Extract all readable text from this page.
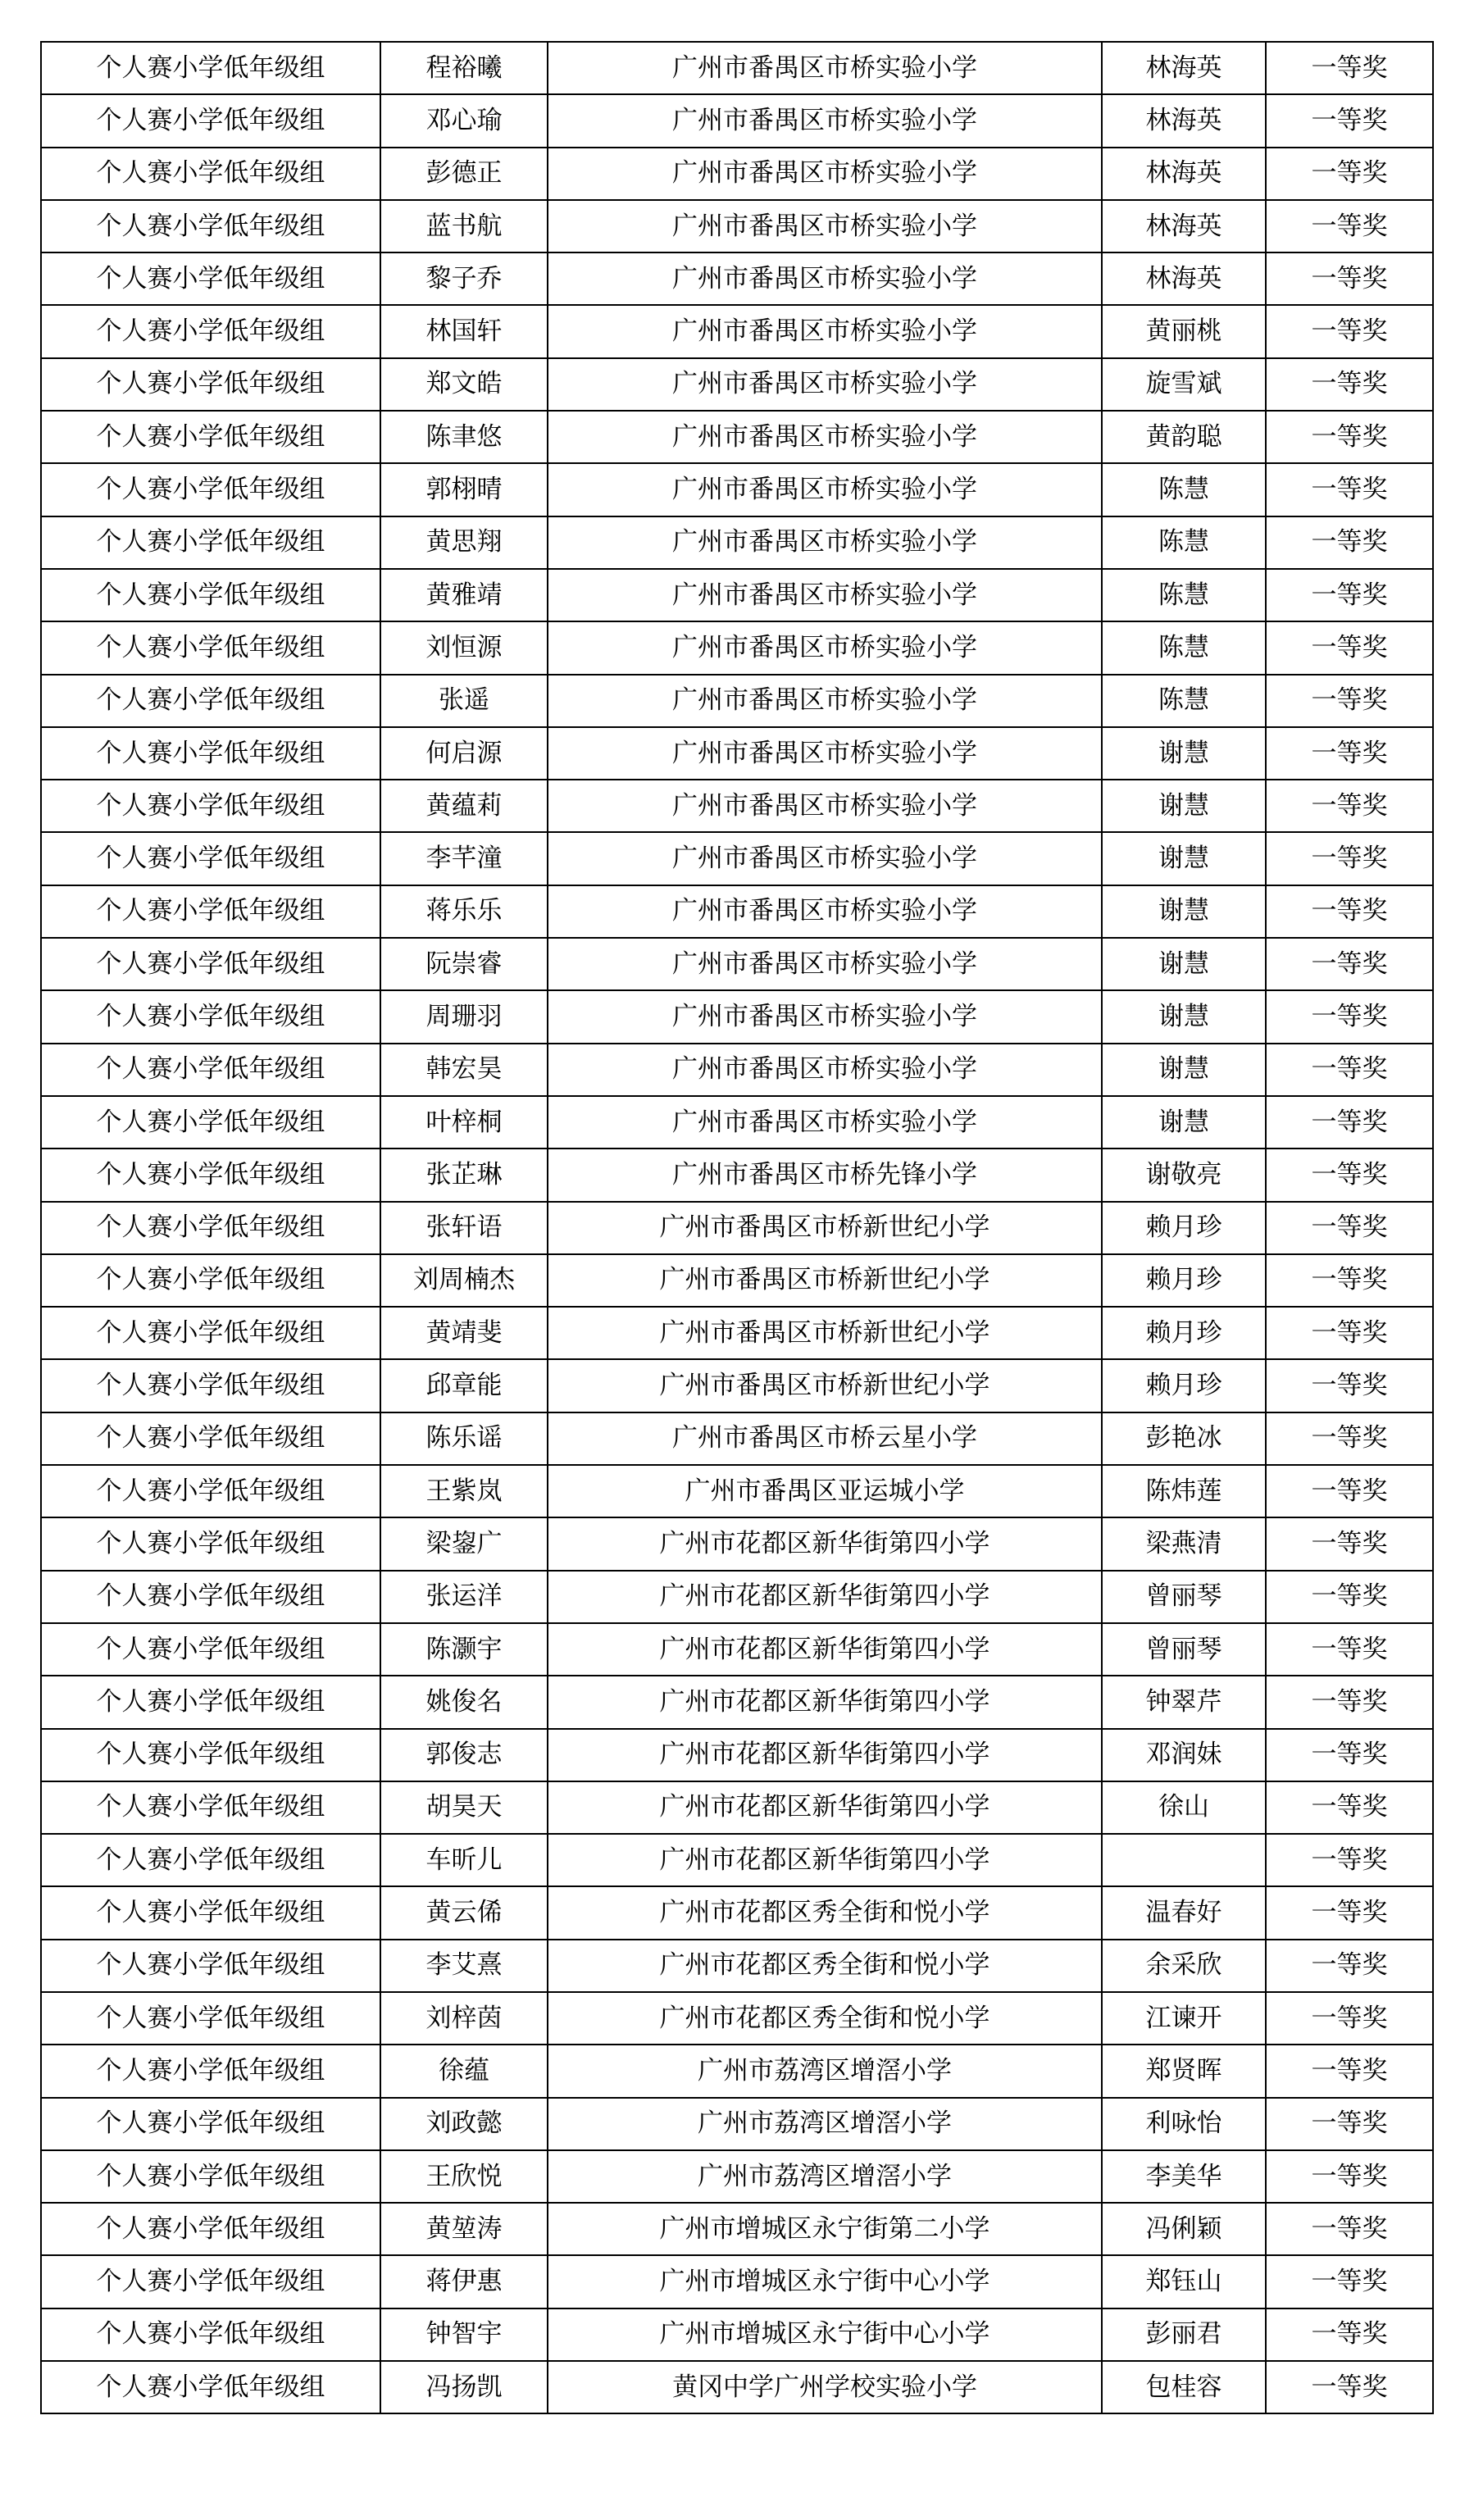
个人赛小学低年级组	程裕曦	广州市番禺区市桥实验小学	林海英	一等奖
个人赛小学低年级组	邓心瑜	广州市番禺区市桥实验小学	林海英	一等奖
个人赛小学低年级组	彭德正	广州市番禺区市桥实验小学	林海英	一等奖
个人赛小学低年级组	蓝书航	广州市番禺区市桥实验小学	林海英	一等奖
个人赛小学低年级组	黎子乔	广州市番禺区市桥实验小学	林海英	一等奖
个人赛小学低年级组	林国轩	广州市番禺区市桥实验小学	黄丽桃	一等奖
个人赛小学低年级组	郑文皓	广州市番禺区市桥实验小学	旋雪斌	一等奖
个人赛小学低年级组	陈聿悠	广州市番禺区市桥实验小学	黄韵聪	一等奖
个人赛小学低年级组	郭栩晴	广州市番禺区市桥实验小学	陈慧	一等奖
个人赛小学低年级组	黄思翔	广州市番禺区市桥实验小学	陈慧	一等奖
个人赛小学低年级组	黄雅靖	广州市番禺区市桥实验小学	陈慧	一等奖
个人赛小学低年级组	刘恒源	广州市番禺区市桥实验小学	陈慧	一等奖
个人赛小学低年级组	张遥	广州市番禺区市桥实验小学	陈慧	一等奖
个人赛小学低年级组	何启源	广州市番禺区市桥实验小学	谢慧	一等奖
个人赛小学低年级组	黄蕴莉	广州市番禺区市桥实验小学	谢慧	一等奖
个人赛小学低年级组	李芊潼	广州市番禺区市桥实验小学	谢慧	一等奖
个人赛小学低年级组	蒋乐乐	广州市番禺区市桥实验小学	谢慧	一等奖
个人赛小学低年级组	阮崇睿	广州市番禺区市桥实验小学	谢慧	一等奖
个人赛小学低年级组	周珊羽	广州市番禺区市桥实验小学	谢慧	一等奖
个人赛小学低年级组	韩宏昊	广州市番禺区市桥实验小学	谢慧	一等奖
个人赛小学低年级组	叶梓桐	广州市番禺区市桥实验小学	谢慧	一等奖
个人赛小学低年级组	张芷琳	广州市番禺区市桥先锋小学	谢敬亮	一等奖
个人赛小学低年级组	张轩语	广州市番禺区市桥新世纪小学	赖月珍	一等奖
个人赛小学低年级组	刘周楠杰	广州市番禺区市桥新世纪小学	赖月珍	一等奖
个人赛小学低年级组	黄靖斐	广州市番禺区市桥新世纪小学	赖月珍	一等奖
个人赛小学低年级组	邱章能	广州市番禺区市桥新世纪小学	赖月珍	一等奖
个人赛小学低年级组	陈乐谣	广州市番禺区市桥云星小学	彭艳冰	一等奖
个人赛小学低年级组	王紫岚	广州市番禺区亚运城小学	陈炜莲	一等奖
个人赛小学低年级组	梁鋆广	广州市花都区新华街第四小学	梁燕清	一等奖
个人赛小学低年级组	张运洋	广州市花都区新华街第四小学	曾丽琴	一等奖
个人赛小学低年级组	陈灏宇	广州市花都区新华街第四小学	曾丽琴	一等奖
个人赛小学低年级组	姚俊名	广州市花都区新华街第四小学	钟翠芹	一等奖
个人赛小学低年级组	郭俊志	广州市花都区新华街第四小学	邓润妹	一等奖
个人赛小学低年级组	胡昊天	广州市花都区新华街第四小学	徐山	一等奖
个人赛小学低年级组	车昕儿	广州市花都区新华街第四小学		一等奖
个人赛小学低年级组	黄云俙	广州市花都区秀全街和悦小学	温春好	一等奖
个人赛小学低年级组	李艾熹	广州市花都区秀全街和悦小学	余采欣	一等奖
个人赛小学低年级组	刘梓茵	广州市花都区秀全街和悦小学	江谏开	一等奖
个人赛小学低年级组	徐蕴	广州市荔湾区增滘小学	郑贤晖	一等奖
个人赛小学低年级组	刘政懿	广州市荔湾区增滘小学	利咏怡	一等奖
个人赛小学低年级组	王欣悦	广州市荔湾区增滘小学	李美华	一等奖
个人赛小学低年级组	黄堃涛	广州市增城区永宁街第二小学	冯俐颖	一等奖
个人赛小学低年级组	蒋伊惠	广州市增城区永宁街中心小学	郑钰山	一等奖
个人赛小学低年级组	钟智宇	广州市增城区永宁街中心小学	彭丽君	一等奖
个人赛小学低年级组	冯扬凯	黄冈中学广州学校实验小学	包桂容	一等奖
